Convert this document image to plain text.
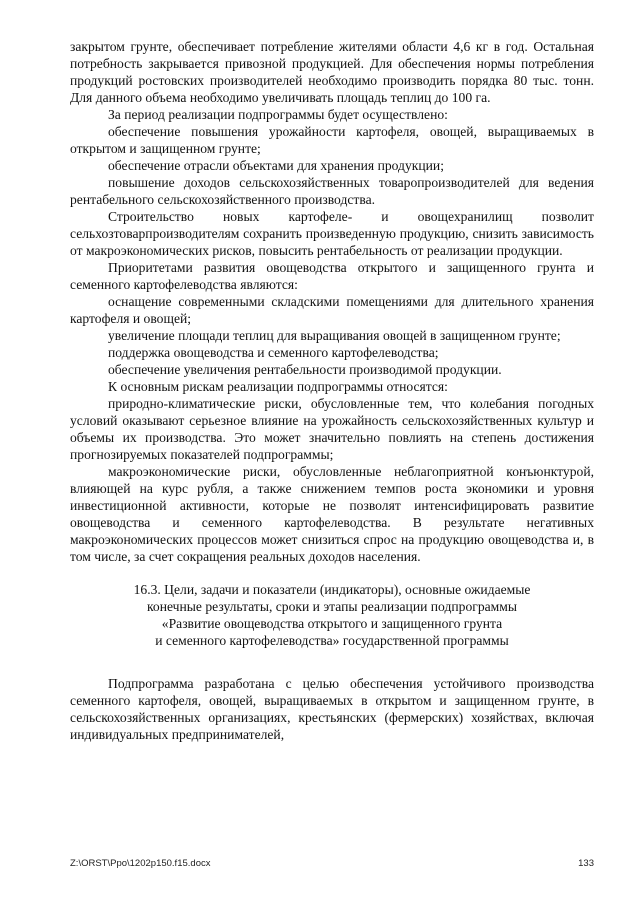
закрытом грунте, обеспечивает потребление жителями области 4,6 кг в год. Остальная потребность закрывается привозной продукцией. Для обеспечения нормы потребления продукций ростовских производителей необходимо производить порядка 80 тыс. тонн. Для данного объема необходимо увеличивать площадь теплиц до 100 га.

За период реализации подпрограммы будет осуществлено:

обеспечение повышения урожайности картофеля, овощей, выращиваемых в открытом и защищенном грунте;

обеспечение отрасли объектами для хранения продукции;

повышение доходов сельскохозяйственных товаропроизводителей для ведения рентабельного сельскохозяйственного производства.

Строительство новых картофеле- и овощехранилищ позволит сельхозтоварпроизводителям сохранить произведенную продукцию, снизить зависимость от макроэкономических рисков, повысить рентабельность от реализации продукции.

Приоритетами развития овощеводства открытого и защищенного грунта и семенного картофелеводства являются:

оснащение современными складскими помещениями для длительного хранения картофеля и овощей;

увеличение площади теплиц для выращивания овощей в защищенном грунте;

поддержка овощеводства и семенного картофелеводства;

обеспечение увеличения рентабельности производимой продукции.

К основным рискам реализации подпрограммы относятся:

природно-климатические риски, обусловленные тем, что колебания погодных условий оказывают серьезное влияние на урожайность сельскохозяйственных культур и объемы их производства. Это может значительно повлиять на степень достижения прогнозируемых показателей подпрограммы;

макроэкономические риски, обусловленные неблагоприятной конъюнктурой, влияющей на курс рубля, а также снижением темпов роста экономики и уровня инвестиционной активности, которые не позволят интенсифицировать развитие овощеводства и семенного картофелеводства. В результате негативных макроэкономических процессов может снизиться спрос на продукцию овощеводства и, в том числе, за счет сокращения реальных доходов населения.

16.3. Цели, задачи и показатели (индикаторы), основные ожидаемые
конечные результаты, сроки и этапы реализации подпрограммы
«Развитие овощеводства открытого и защищенного грунта
и семенного картофелеводства» государственной программы

Подпрограмма разработана с целью обеспечения устойчивого производства семенного картофеля, овощей, выращиваемых в открытом и защищенном грунте, в сельскохозяйственных организациях, крестьянских (фермерских) хозяйствах, включая индивидуальных предпринимателей,

Z:\ORST\Ppo\1202p150.f15.docx	133
